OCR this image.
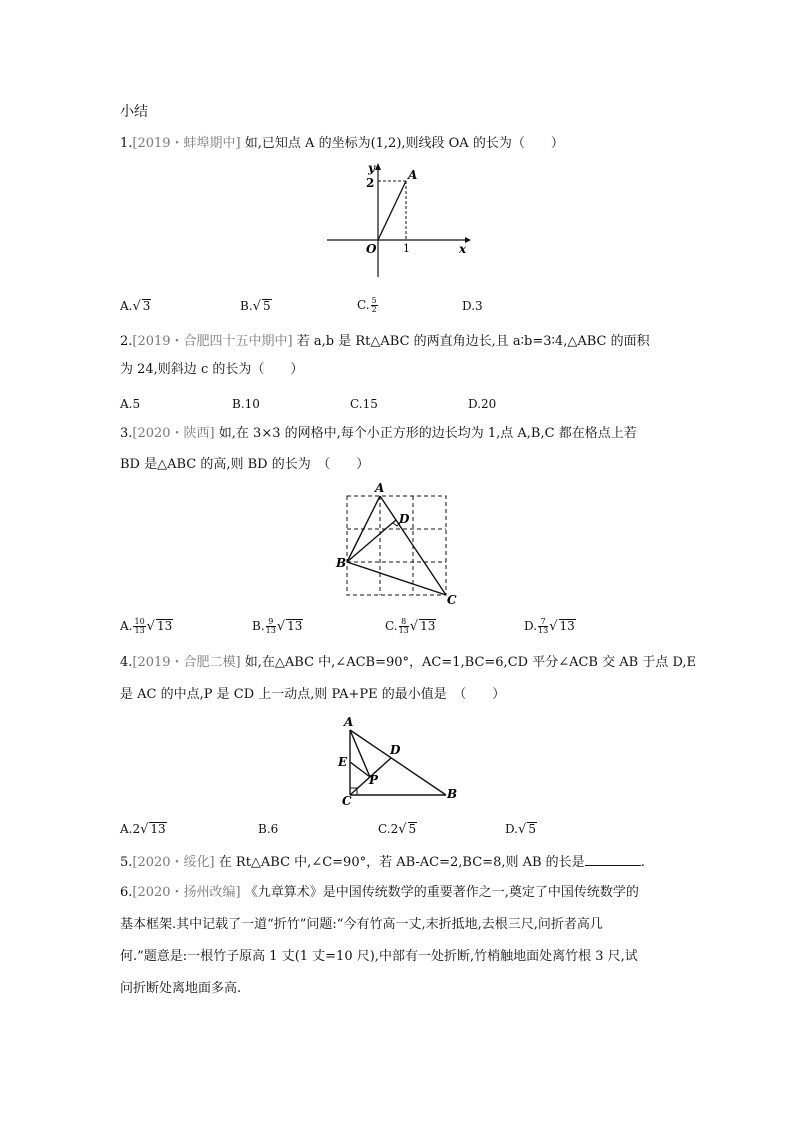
小结
1.[2019・蚌埠期中] 如,已知点 A 的坐标为(1,2),则线段 OA 的长为（　　）
y
x
O
A
2
1
A.√ 3	B.√ 5	C. $\frac{5}{2}$	D.3
2.[2019・合肥四十五中期中] 若 a,b 是 Rt△ABC 的两直角边长,且 a∶b=3∶4,△ABC 的面积
为 24,则斜边 c 的长为（　　）
A.5	B.10	C.15	D.20
3.[2020・陕西] 如,在 3×3 的网格中,每个小正方形的边长均为 1,点 A,B,C 都在格点上若
BD 是△ABC 的高,则 BD 的长为　（　　）
A
B
C
D
A. $\frac{10}{13}$ √ 13	B. $\frac{9}{13}$ √ 13	C. $\frac{8}{13}$ √ 13	D. $\frac{7}{13}$ √ 13
4.[2019・合肥二模] 如,在△ABC 中,∠ACB=90°，AC=1,BC=6,CD 平分∠ACB 交 AB 于点 D,E
是 AC 的中点,P 是 CD 上一动点,则 PA+PE 的最小值是　（　　）
A
B
C
D
E
P
A.2√ 13	B.6	C.2√ 5	D.√ 5
5.[2020・绥化] 在 Rt△ABC 中,∠C=90°，若 AB-AC=2,BC=8,则 AB 的长是	.
6.[2020・扬州改编] 《九章算术》是中国传统数学的重要著作之一,奠定了中国传统数学的
基本框架.其中记载了一道“折竹”问题:“今有竹高一丈,末折抵地,去根三尺,问折者高几
何.”题意是:一根竹子原高 1 丈(1 丈=10 尺),中部有一处折断,竹梢触地面处离竹根 3 尺,试
问折断处离地面多高.
